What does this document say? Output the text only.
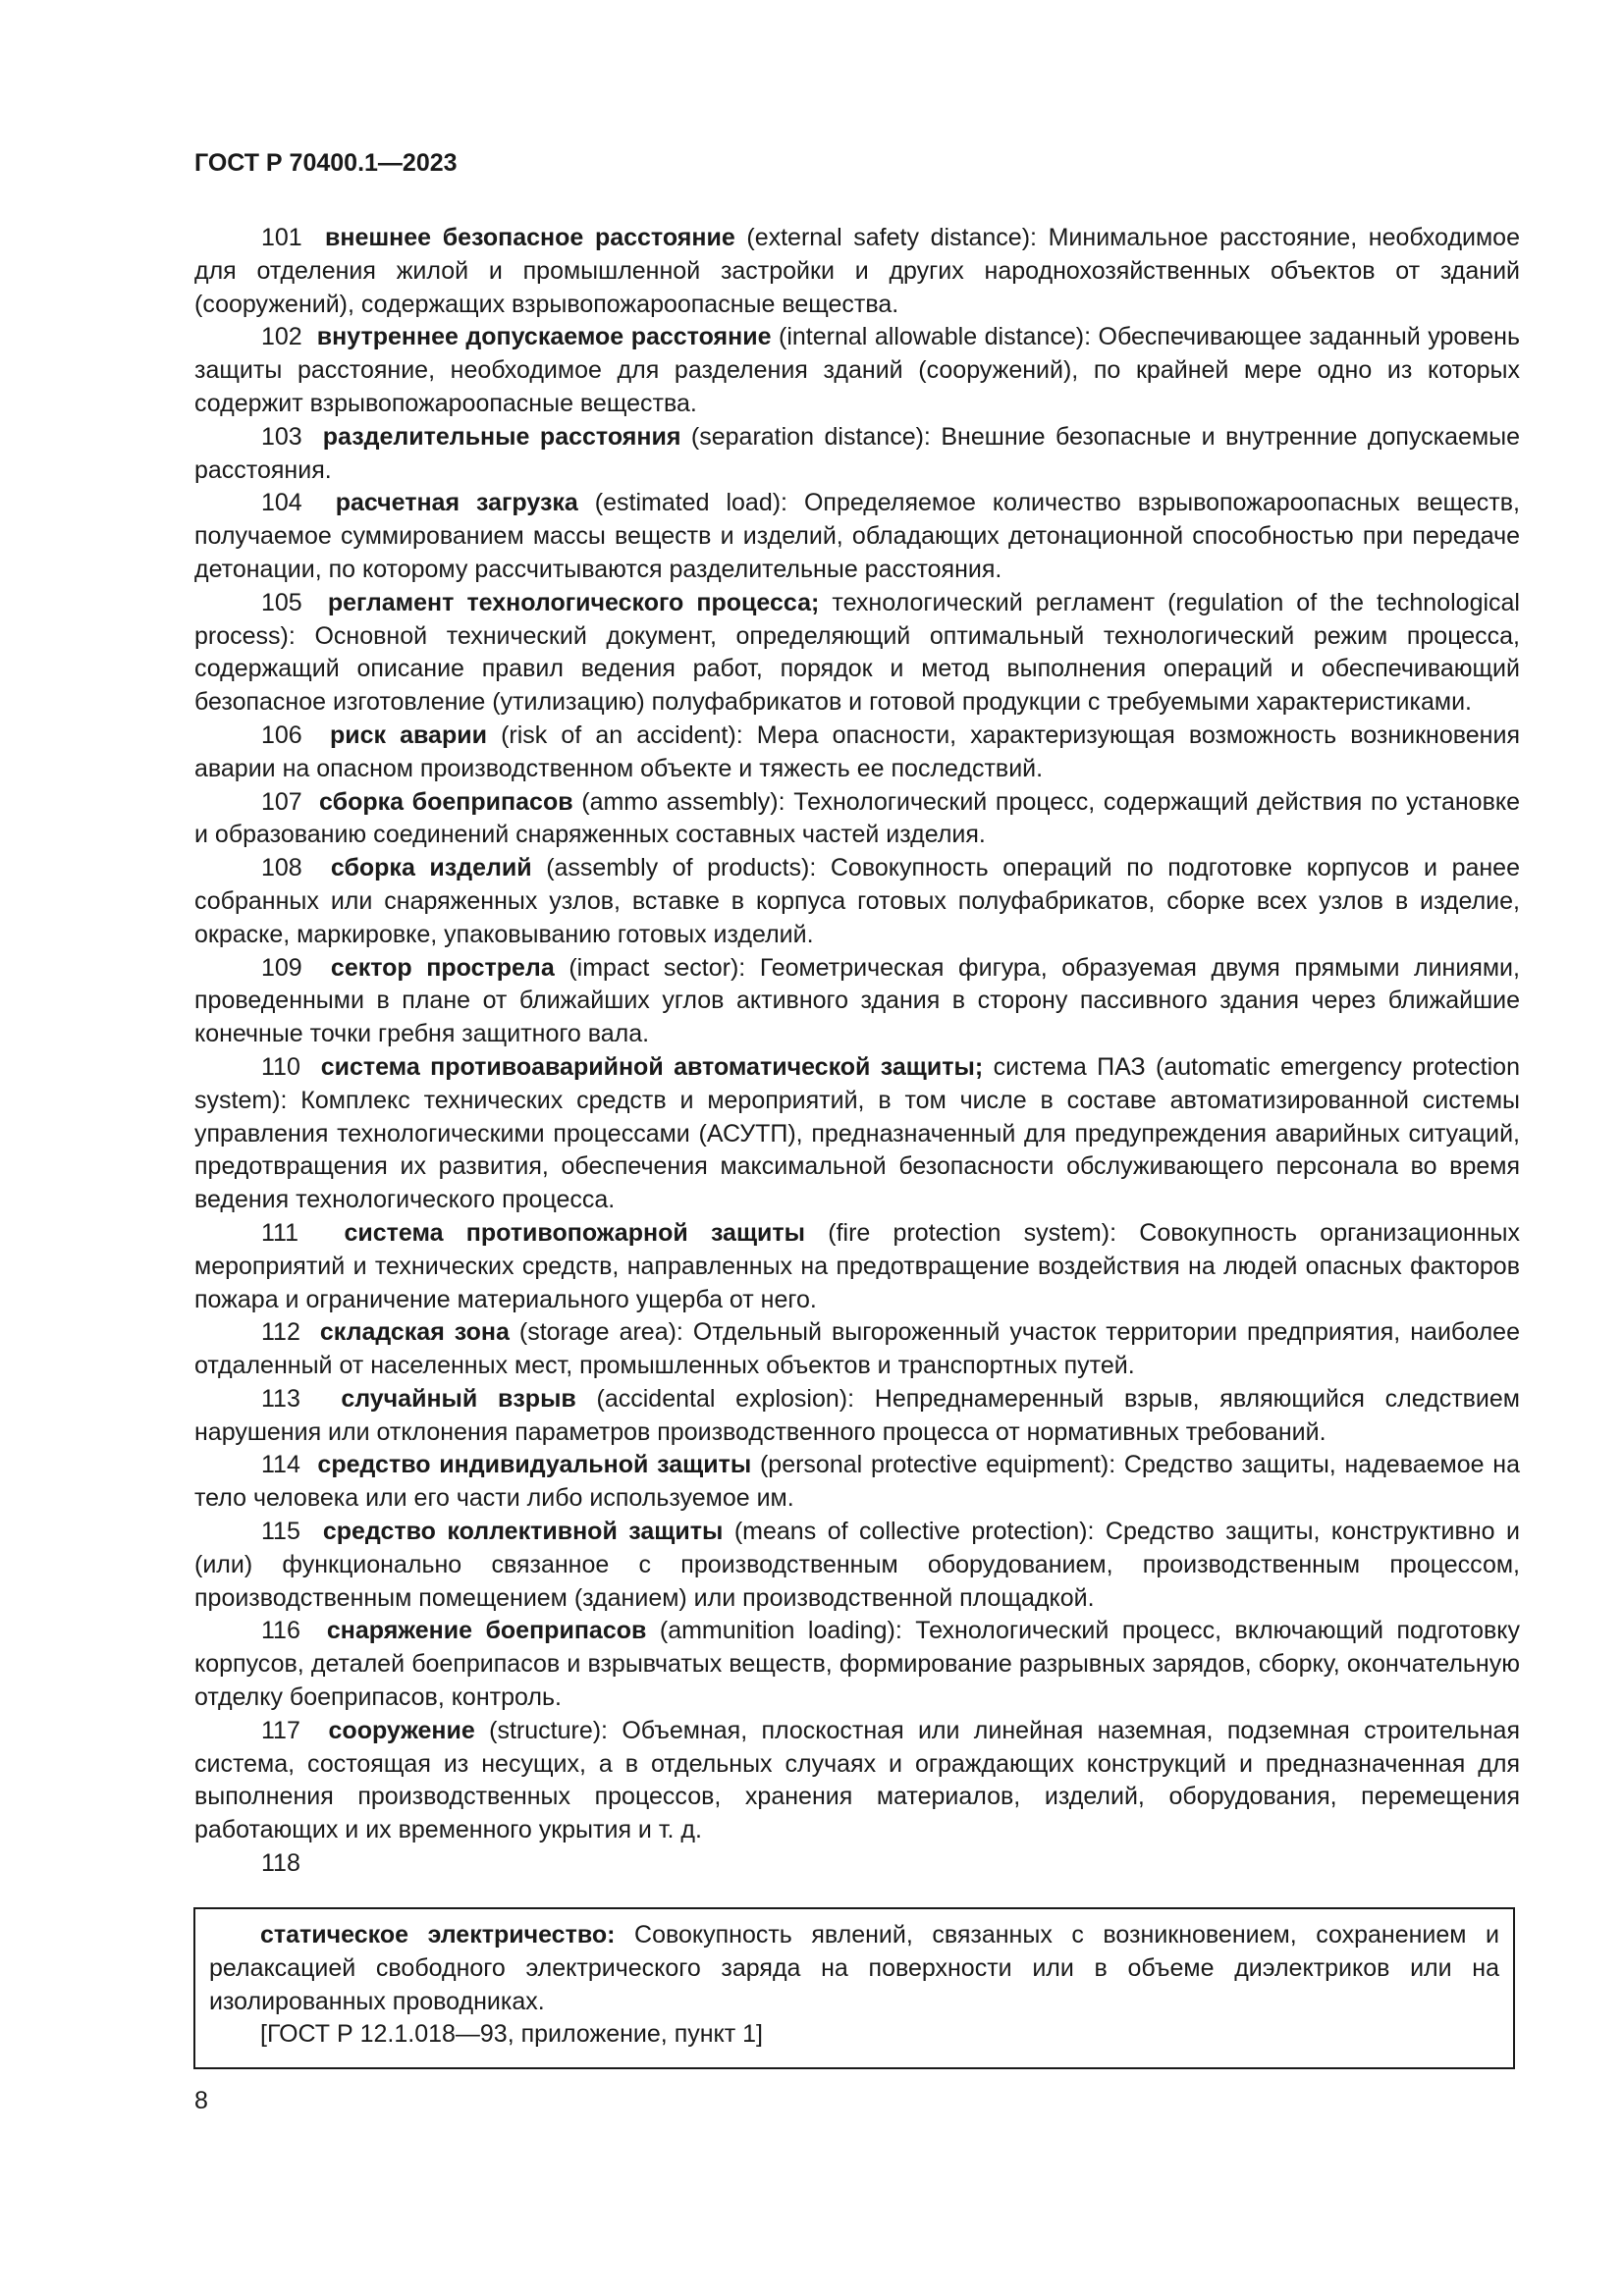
ГОСТ Р 70400.1—2023

101 внешнее безопасное расстояние (external safety distance): Минимальное расстояние, необходимое для отделения жилой и промышленной застройки и других народнохозяйственных объектов от зданий (сооружений), содержащих взрывопожароопасные вещества.

102 внутреннее допускаемое расстояние (internal allowable distance): Обеспечивающее заданный уровень защиты расстояние, необходимое для разделения зданий (сооружений), по крайней мере одно из которых содержит взрывопожароопасные вещества.

103 разделительные расстояния (separation distance): Внешние безопасные и внутренние допускаемые расстояния.

104 расчетная загрузка (estimated load): Определяемое количество взрывопожароопасных веществ, получаемое суммированием массы веществ и изделий, обладающих детонационной способностью при передаче детонации, по которому рассчитываются разделительные расстояния.

105 регламент технологического процесса; технологический регламент (regulation of the technological process): Основной технический документ, определяющий оптимальный технологический режим процесса, содержащий описание правил ведения работ, порядок и метод выполнения операций и обеспечивающий безопасное изготовление (утилизацию) полуфабрикатов и готовой продукции с требуемыми характеристиками.

106 риск аварии (risk of an accident): Мера опасности, характеризующая возможность возникновения аварии на опасном производственном объекте и тяжесть ее последствий.

107 сборка боеприпасов (ammo assembly): Технологический процесс, содержащий действия по установке и образованию соединений снаряженных составных частей изделия.

108 сборка изделий (assembly of products): Совокупность операций по подготовке корпусов и ранее собранных или снаряженных узлов, вставке в корпуса готовых полуфабрикатов, сборке всех узлов в изделие, окраске, маркировке, упаковыванию готовых изделий.

109 сектор прострела (impact sector): Геометрическая фигура, образуемая двумя прямыми линиями, проведенными в плане от ближайших углов активного здания в сторону пассивного здания через ближайшие конечные точки гребня защитного вала.

110 система противоаварийной автоматической защиты; система ПАЗ (automatic emergency protection system): Комплекс технических средств и мероприятий, в том числе в составе автоматизированной системы управления технологическими процессами (АСУТП), предназначенный для предупреждения аварийных ситуаций, предотвращения их развития, обеспечения максимальной безопасности обслуживающего персонала во время ведения технологического процесса.

111 система противопожарной защиты (fire protection system): Совокупность организационных мероприятий и технических средств, направленных на предотвращение воздействия на людей опасных факторов пожара и ограничение материального ущерба от него.

112 складская зона (storage area): Отдельный выгороженный участок территории предприятия, наиболее отдаленный от населенных мест, промышленных объектов и транспортных путей.

113 случайный взрыв (accidental explosion): Непреднамеренный взрыв, являющийся следствием нарушения или отклонения параметров производственного процесса от нормативных требований.

114 средство индивидуальной защиты (personal protective equipment): Средство защиты, надеваемое на тело человека или его части либо используемое им.

115 средство коллективной защиты (means of collective protection): Средство защиты, конструктивно и (или) функционально связанное с производственным оборудованием, производственным процессом, производственным помещением (зданием) или производственной площадкой.

116 снаряжение боеприпасов (ammunition loading): Технологический процесс, включающий подготовку корпусов, деталей боеприпасов и взрывчатых веществ, формирование разрывных зарядов, сборку, окончательную отделку боеприпасов, контроль.

117 сооружение (structure): Объемная, плоскостная или линейная наземная, подземная строительная система, состоящая из несущих, а в отдельных случаях и ограждающих конструкций и предназначенная для выполнения производственных процессов, хранения материалов, изделий, оборудования, перемещения работающих и их временного укрытия и т. д.

118

статическое электричество: Совокупность явлений, связанных с возникновением, сохранением и релаксацией свободного электрического заряда на поверхности или в объеме диэлектриков или на изолированных проводниках.

[ГОСТ Р 12.1.018—93, приложение, пункт 1]

8
